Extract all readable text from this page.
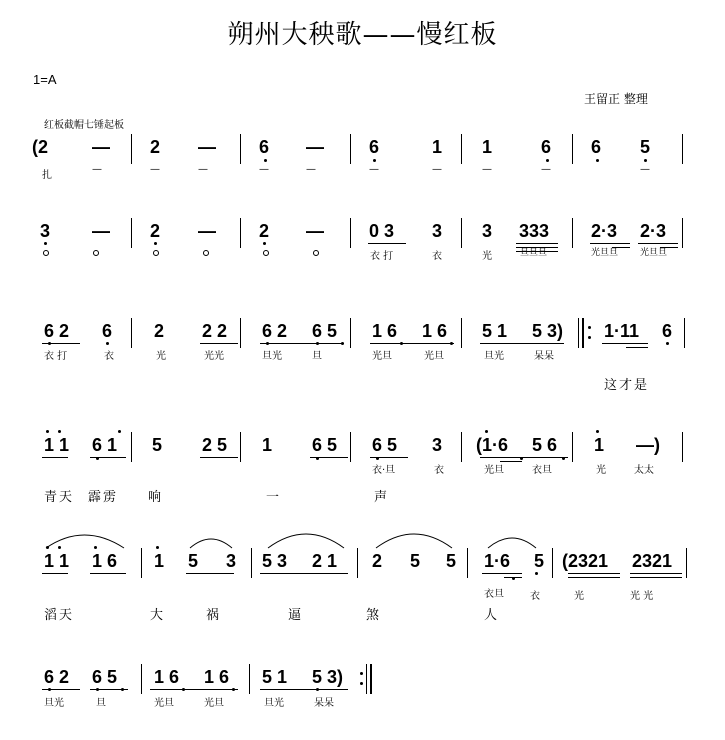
朔州大秧歌——慢红板
1=A
王留正 整理
红板截帽七锤起板
(2 — 2 — 6 —	6	1 1	6 6 5
扎
—	—	—	—	—	—	—	—	—	—
3 — 2 — 2 —	0 3 3 3 333 2·3 2·3
衣 打	衣	光	旦旦旦	光旦旦 光旦旦
6 2 6 2 2 2 6 2 6 5 1 6 1 6 5 1 5 3) 1·11 6
衣 打	衣	光	光光	旦光	旦	光旦	光旦	旦光	呆呆
这才是
1 1 6 1 5 2 5 1 6 5 6 5 3 (1·6 5 6 1 —)
衣·旦	衣	光旦	衣旦	光	太太
青天 霹雳 响	一	声
1 1 1 6 1 5 3 5 3 2 1 2 5 5 1·6 5 (2321 2321
衣旦	衣	光	光 光
滔天	大	祸	逼	煞	人
6 2 6 5 1 6 1 6 5 1 5 3)
旦光	旦	光旦	光旦	旦光	呆呆
